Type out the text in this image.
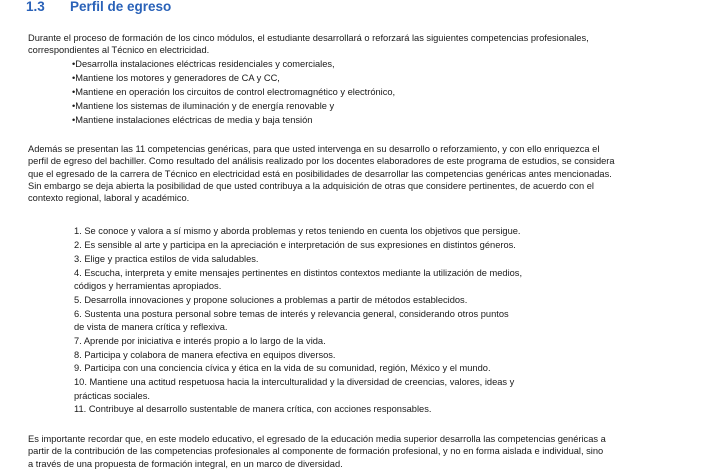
1.3 Perfil de egreso
Durante el proceso de formación de los cinco módulos, el estudiante desarrollará o reforzará las siguientes competencias profesionales,
correspondientes al Técnico en electricidad.
•Desarrolla instalaciones eléctricas residenciales y comerciales,
•Mantiene los motores y generadores de CA y CC,
•Mantiene en operación los circuitos de control electromagnético y electrónico,
•Mantiene los sistemas de iluminación y de energía renovable y
•Mantiene instalaciones eléctricas de media y baja tensión
Además se presentan las 11 competencias genéricas, para que usted intervenga en su desarrollo o reforzamiento, y con ello enriquezca el
perfil de egreso del bachiller. Como resultado del análisis realizado por los docentes elaboradores de este programa de estudios, se considera
que el egresado de la carrera de Técnico en electricidad está en posibilidades de desarrollar las competencias genéricas antes mencionadas.
Sin embargo se deja abierta la posibilidad de que usted contribuya a la adquisición de otras que considere pertinentes, de acuerdo con el
contexto regional, laboral y académico.
1. Se conoce y valora a sí mismo y aborda problemas y retos teniendo en cuenta los objetivos que persigue.
2. Es sensible al arte y participa en la apreciación e interpretación de sus expresiones en distintos géneros.
3. Elige y practica estilos de vida saludables.
4. Escucha, interpreta y emite mensajes pertinentes en distintos contextos mediante la utilización de medios,
códigos y herramientas apropiados.
5. Desarrolla innovaciones y propone soluciones a problemas a partir de métodos establecidos.
6. Sustenta una postura personal sobre temas de interés y relevancia general, considerando otros puntos
de vista de manera crítica y reflexiva.
7. Aprende por iniciativa e interés propio a lo largo de la vida.
8. Participa y colabora de manera efectiva en equipos diversos.
9. Participa con una conciencia cívica y ética en la vida de su comunidad, región, México y el mundo.
10. Mantiene una actitud respetuosa hacia la interculturalidad y la diversidad de creencias, valores, ideas y
prácticas sociales.
11. Contribuye al desarrollo sustentable de manera crítica, con acciones responsables.
Es importante recordar que, en este modelo educativo, el egresado de la educación media superior desarrolla las competencias genéricas a
partir de la contribución de las competencias profesionales al componente de formación profesional, y no en forma aislada e individual, sino
a través de una propuesta de formación integral, en un marco de diversidad.
